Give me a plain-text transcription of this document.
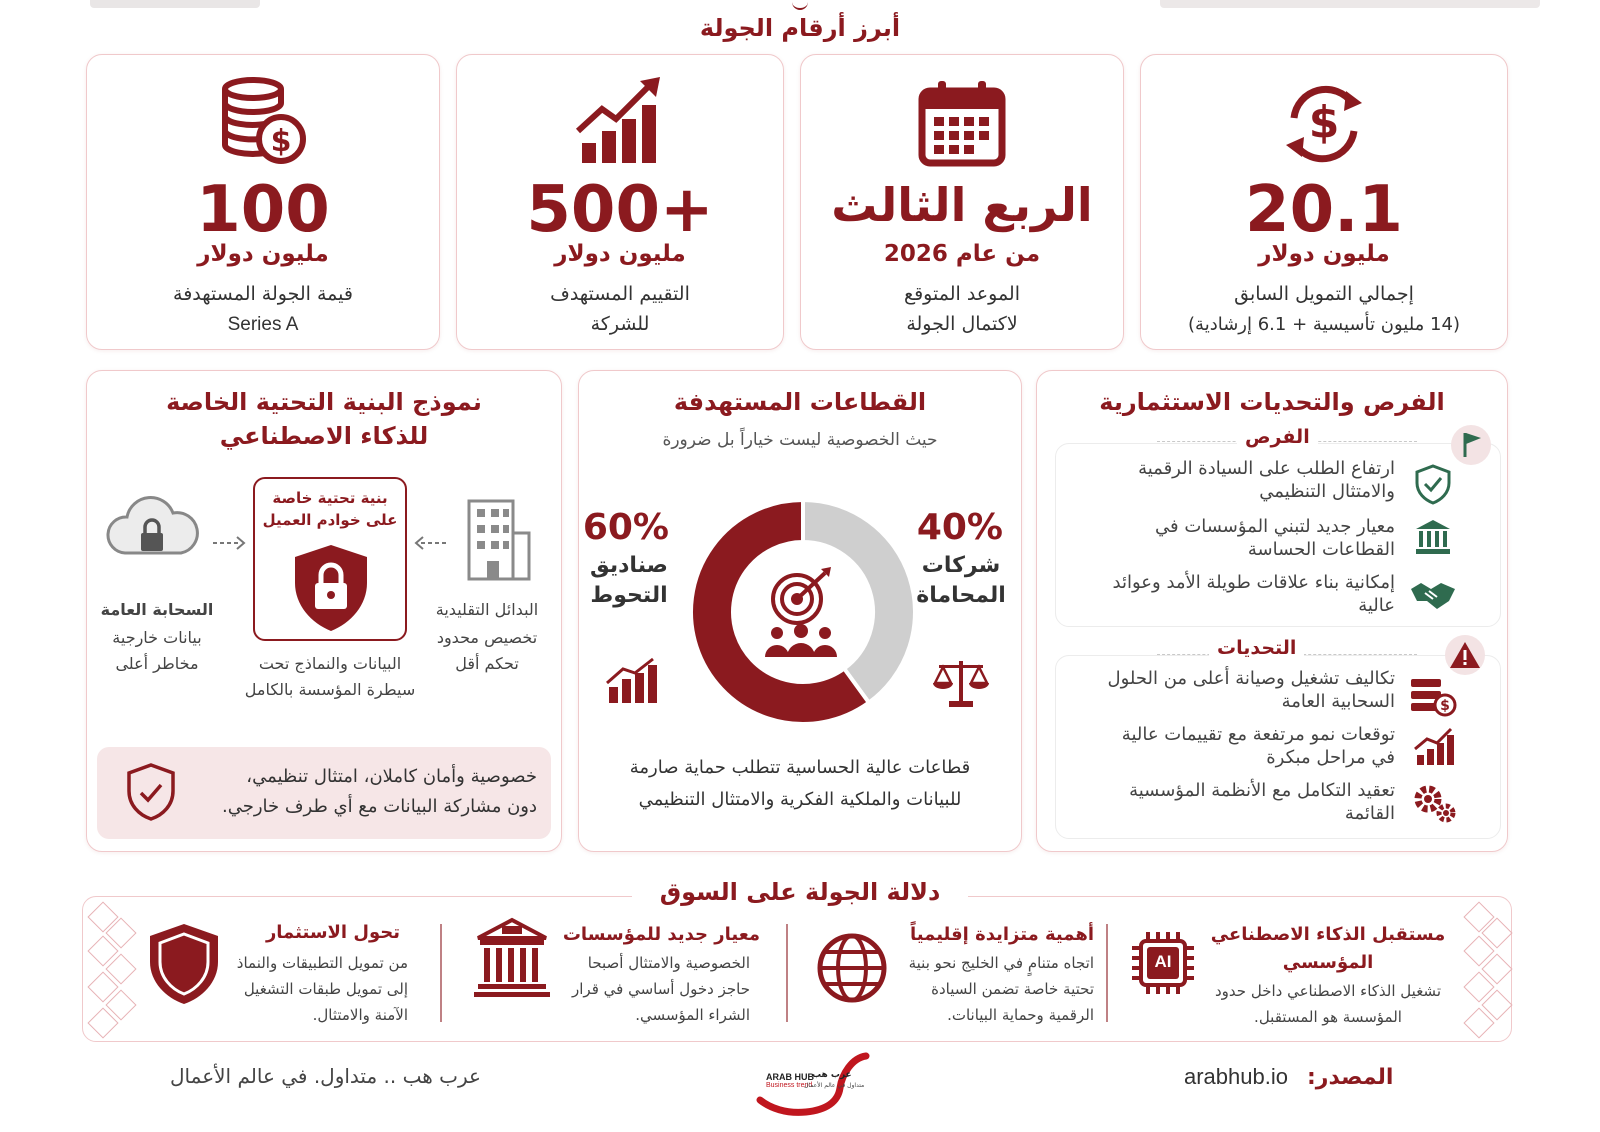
أبرز أرقام الجولة
$
20.1
مليون دولار
إجمالي التمويل السابق
(14 مليون تأسيسية + 6.1 إرشادية)
الربع الثالث
من عام 2026
الموعد المتوقع
لاكتمال الجولة
+500
مليون دولار
التقييم المستهدف
للشركة
$
100
مليون دولار
قيمة الجولة المستهدفة
Series A
الفرص والتحديات الاستثمارية
الفرص
ارتفاع الطلب على السيادة الرقمية والامتثال التنظيمي
معيار جديد لتبني المؤسسات في القطاعات الحساسة
إمكانية بناء علاقات طويلة الأمد وعوائد عالية
التحديات
تكاليف تشغيل وصيانة أعلى من الحلول السحابية العامة	$
توقعات نمو مرتفعة مع تقييمات عالية في مراحل مبكرة
تعقيد التكامل مع الأنظمة المؤسسية القائمة
القطاعات المستهدفة
حيث الخصوصية ليست خياراً بل ضرورة
40%
شركات
المحاماة
60%
صناديق
التحوط
قطاعات عالية الحساسية تتطلب حماية صارمة
للبيانات والملكية الفكرية والامتثال التنظيمي
نموذج البنية التحتية الخاصة
للذكاء الاصطناعي
البدائل التقليدية
تخصيص محدود
تحكم أقل
بنية تحتية خاصة
على خوادم العميل
البيانات والنماذج تحت
سيطرة المؤسسة بالكامل
السحابة العامة
بيانات خارجية
مخاطر أعلى
خصوصية وأمان كاملان، امتثال تنظيمي،
دون مشاركة البيانات مع أي طرف خارجي.
دلالة الجولة على السوق
AI
مستقبل الذكاء الاصطناعي
المؤسسي
تشغيل الذكاء الاصطناعي داخل حدود
المؤسسة هو المستقبل.
أهمية متزايدة إقليمياً
اتجاه متنامٍ في الخليج نحو بنية
تحتية خاصة تضمن السيادة
الرقمية وحماية البيانات.
معيار جديد للمؤسسات
الخصوصية والامتثال أصبحا
حاجز دخول أساسي في قرار
الشراء المؤسسي.
تحول الاستثمار
من تمويل التطبيقات والنماذ
إلى تمويل طبقات التشغيل
الآمنة والامتثال.
المصدر: arabhub.io
عرب هب .. متداول. في عالم الأعمال	ARAB HUB
Business trend
عرب هب
متداول في عالم الأعمال
